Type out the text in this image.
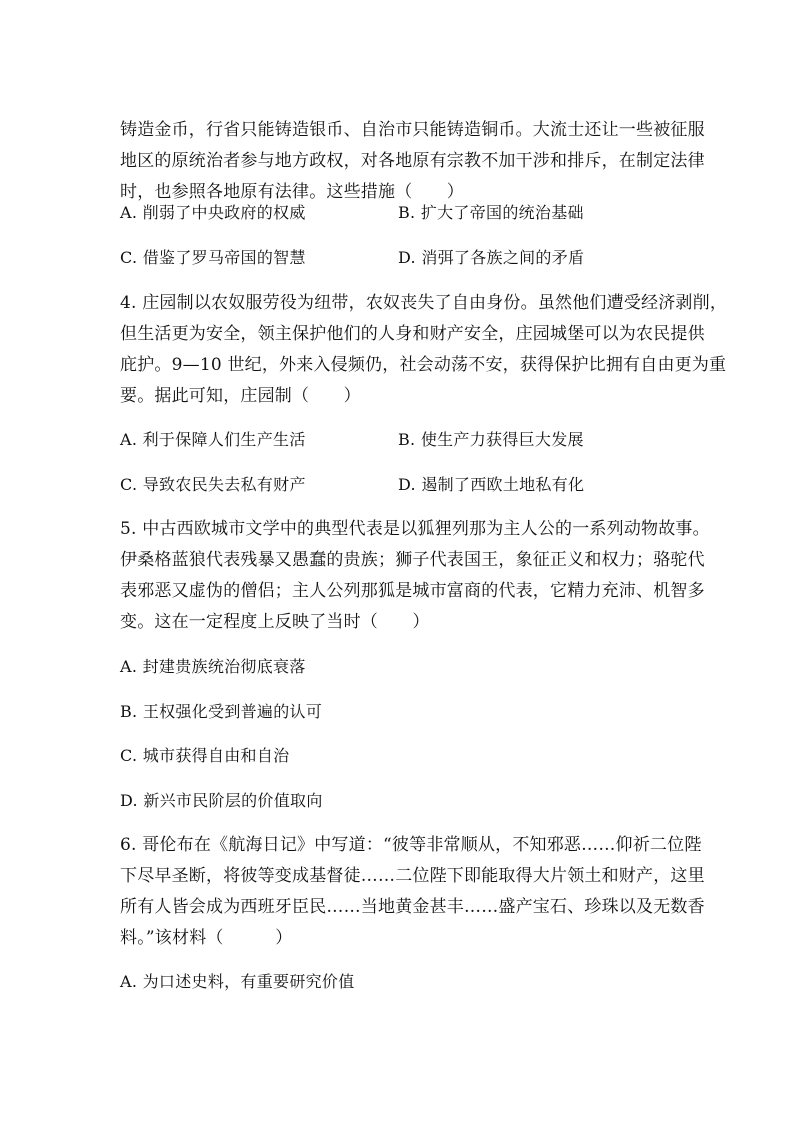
铸造金币，行省只能铸造银币、自治市只能铸造铜币。大流士还让一些被征服
地区的原统治者参与地方政权，对各地原有宗教不加干涉和排斥，在制定法律
时，也参照各地原有法律。这些措施（　　）
A. 削弱了中央政府的权威	B. 扩大了帝国的统治基础
C. 借鉴了罗马帝国的智慧	D. 消弭了各族之间的矛盾
4. 庄园制以农奴服劳役为纽带，农奴丧失了自由身份。虽然他们遭受经济剥削，
但生活更为安全，领主保护他们的人身和财产安全，庄园城堡可以为农民提供
庇护。9—10 世纪，外来入侵频仍，社会动荡不安，获得保护比拥有自由更为重
要。据此可知，庄园制（　　）
A. 利于保障人们生产生活	B. 使生产力获得巨大发展
C. 导致农民失去私有财产	D. 遏制了西欧土地私有化
5. 中古西欧城市文学中的典型代表是以狐狸列那为主人公的一系列动物故事。
伊桑格蓝狼代表残暴又愚蠢的贵族；狮子代表国王，象征正义和权力；骆驼代
表邪恶又虚伪的僧侣；主人公列那狐是城市富商的代表，它精力充沛、机智多
变。这在一定程度上反映了当时（　　）
A. 封建贵族统治彻底衰落
B. 王权强化受到普遍的认可
C. 城市获得自由和自治
D. 新兴市民阶层的价值取向
6. 哥伦布在《航海日记》中写道：“彼等非常顺从，不知邪恶……仰祈二位陛
下尽早圣断，将彼等变成基督徒……二位陛下即能取得大片领土和财产，这里
所有人皆会成为西班牙臣民……当地黄金甚丰……盛产宝石、珍珠以及无数香
料。”该材料（　　　）
A. 为口述史料，有重要研究价值
